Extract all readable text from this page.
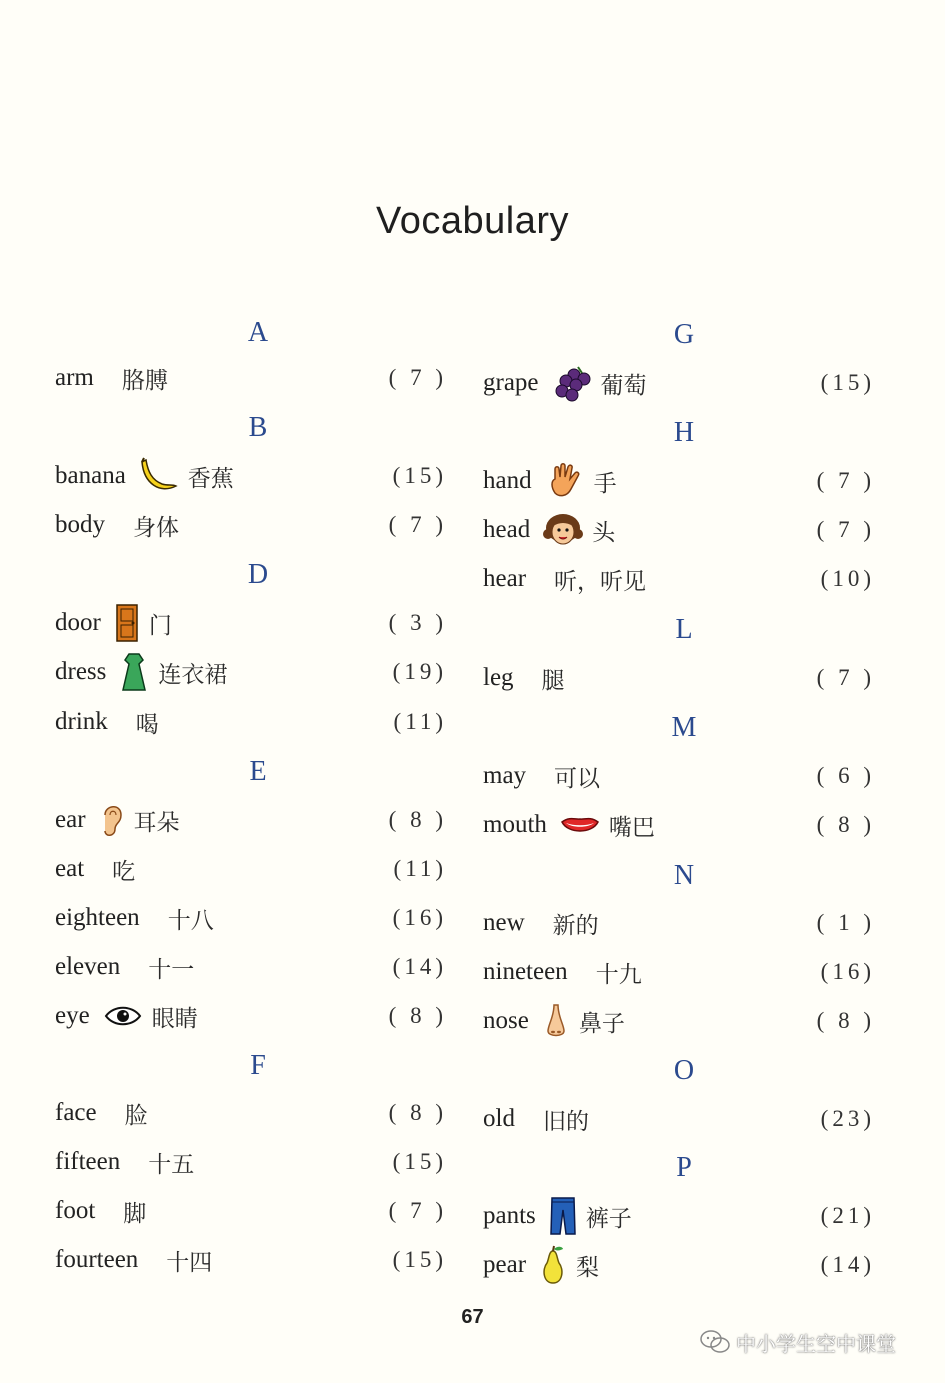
Vocabulary
A
arm 胳膊	( 7 )
B
banana	香蕉	(15)
body 身体	( 7 )
D
door 门	( 3 )
dress 连衣裙	(19)
drink 喝	(11)
E
ear 耳朵	( 8 )
eat 吃	(11)
eighteen 十八	(16)
eleven 十一	(14)
eye	眼睛	( 8 )
F
face 脸	( 8 )
fifteen 十五	(15)
foot 脚	( 7 )
fourteen 十四	(15)
G
grape	葡萄	(15)
H
hand	手	( 7 )
head	头	( 7 )
hear 听，听见	(10)
L
leg 腿	( 7 )
M
may 可以	( 6 )
mouth	嘴巴	( 8 )
N
new 新的	( 1 )
nineteen 十九	(16)
nose 鼻子	( 8 )
O
old 旧的	(23)
P
pants 裤子	(21)
pear 梨	(14)
67
中小学生空中课堂
